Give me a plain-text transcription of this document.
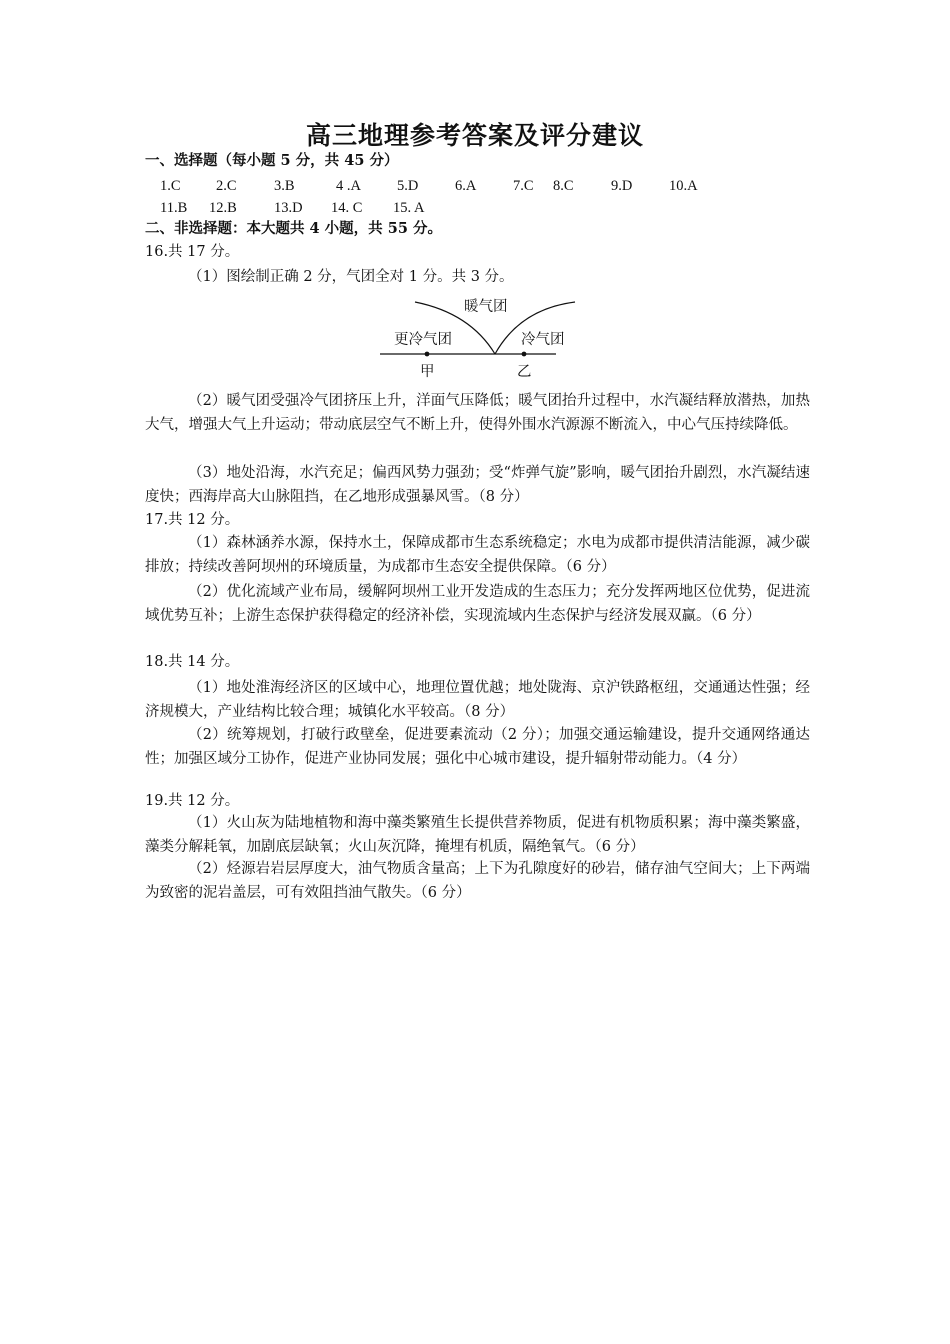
高三地理参考答案及评分建议
一、选择题（每小题 5 分，共 45 分）
1.C 2.C	3.B	4 .A 5.D	6.A	7.C 8.C	9.D	10.A
11.B 12.B	13.D 14. C 15. A
二、非选择题：本大题共 4 小题，共 55 分。
16.共 17 分。
（1）图绘制正确 2 分，气团全对 1 分。共 3 分。
暖气团
更冷气团	冷气团
甲	乙
（2）暖气团受强冷气团挤压上升，洋面气压降低；暖气团抬升过程中，水汽凝结释放潜热，加热大气，增强大气上升运动；带动底层空气不断上升，使得外围水汽源源不断流入，中心气压持续降低。
（3）地处沿海，水汽充足；偏西风势力强劲；受“炸弹气旋”影响，暖气团抬升剧烈，水汽凝结速度快；西海岸高大山脉阻挡，在乙地形成强暴风雪。（8 分）
17.共 12 分。
（1）森林涵养水源，保持水土，保障成都市生态系统稳定；水电为成都市提供清洁能源，减少碳排放；持续改善阿坝州的环境质量，为成都市生态安全提供保障。（6 分）
（2）优化流域产业布局，缓解阿坝州工业开发造成的生态压力；充分发挥两地区位优势，促进流域优势互补；上游生态保护获得稳定的经济补偿，实现流域内生态保护与经济发展双赢。（6 分）
18.共 14 分。
（1）地处淮海经济区的区域中心，地理位置优越；地处陇海、京沪铁路枢纽，交通通达性强；经济规模大，产业结构比较合理；城镇化水平较高。（8 分）
（2）统筹规划，打破行政壁垒，促进要素流动（2 分）；加强交通运输建设，提升交通网络通达性；加强区域分工协作，促进产业协同发展；强化中心城市建设，提升辐射带动能力。（4 分）
19.共 12 分。
（1）火山灰为陆地植物和海中藻类繁殖生长提供营养物质，促进有机物质积累；海中藻类繁盛，藻类分解耗氧，加剧底层缺氧；火山灰沉降，掩埋有机质，隔绝氧气。（6 分）
（2）烃源岩岩层厚度大，油气物质含量高；上下为孔隙度好的砂岩，储存油气空间大；上下两端为致密的泥岩盖层，可有效阻挡油气散失。（6 分）
